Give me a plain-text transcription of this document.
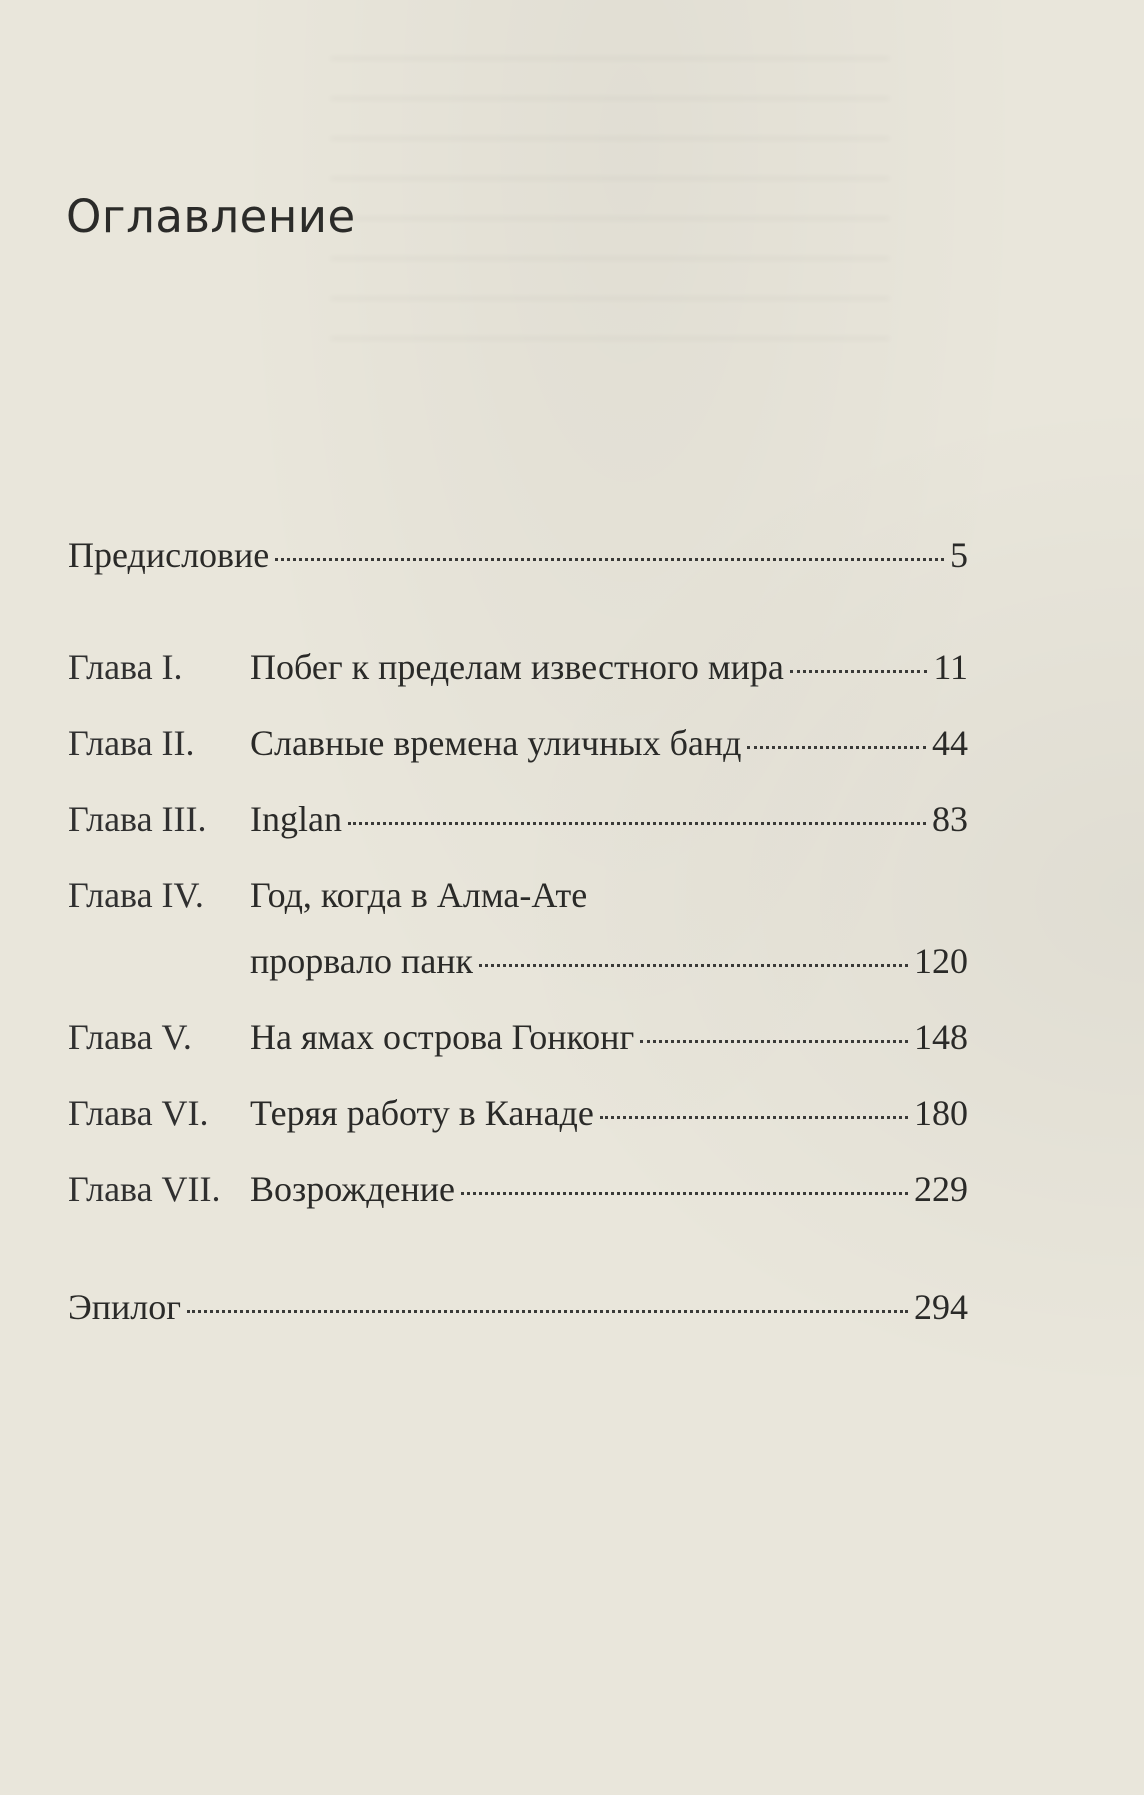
Оглавление
Предисловие	5
Глава I.	Побег к пределам известного мира	11
Глава II.	Славные времена уличных банд	44
Глава III.	Inglan	83
Глава IV.	Год, когда в Алма-Ате
прорвало панк	120
Глава V.	На ямах острова Гонконг	148
Глава VI.	Теряя работу в Канаде	180
Глава VII. Возрождение	229
Эпилог	294
